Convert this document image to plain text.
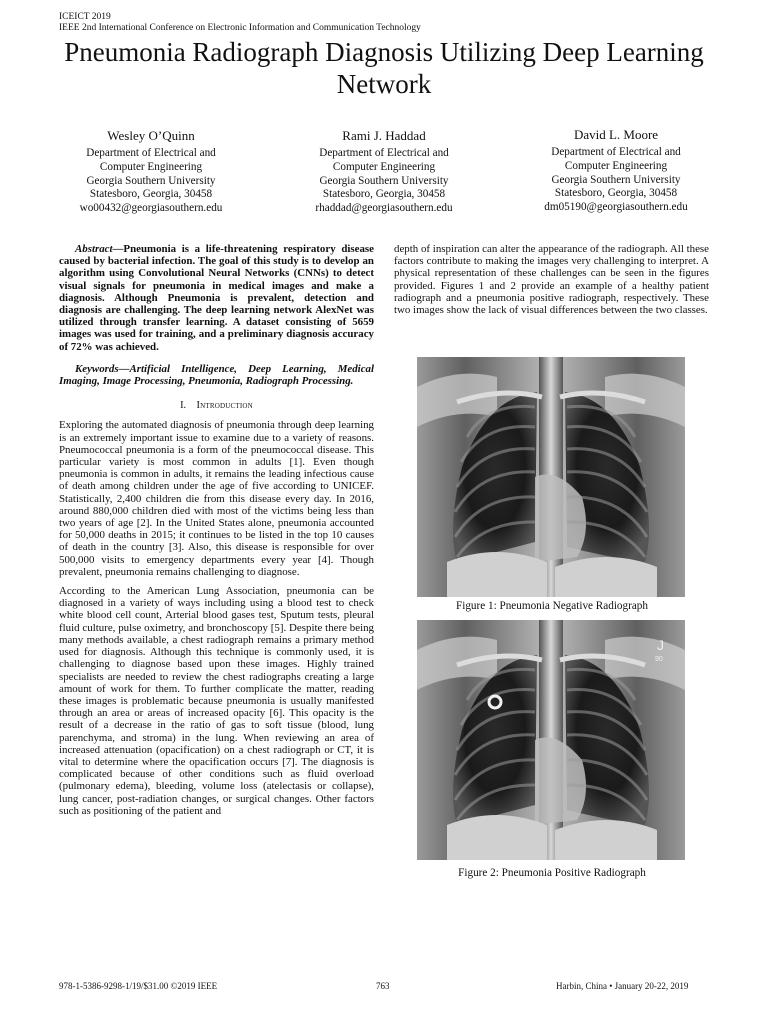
ICEICT 2019
IEEE 2nd International Conference on Electronic Information and Communication Technology
Pneumonia Radiograph Diagnosis Utilizing Deep Learning Network
Wesley O’Quinn
Department of Electrical and
Computer Engineering
Georgia Southern University
Statesboro, Georgia, 30458
wo00432@georgiasouthern.edu
Rami J. Haddad
Department of Electrical and
Computer Engineering
Georgia Southern University
Statesboro, Georgia, 30458
rhaddad@georgiasouthern.edu
David L. Moore
Department of Electrical and
Computer Engineering
Georgia Southern University
Statesboro, Georgia, 30458
dm05190@georgiasouthern.edu

Abstract—Pneumonia is a life-threatening respiratory disease caused by bacterial infection. The goal of this study is to develop an algorithm using Convolutional Neural Networks (CNNs) to detect visual signals for pneumonia in medical images and make a diagnosis. Although Pneumonia is prevalent, detection and diagnosis are challenging. The deep learning network AlexNet was utilized through transfer learning. A dataset consisting of 5659 images was used for training, and a preliminary diagnosis accuracy of 72% was achieved.

Keywords—Artificial Intelligence, Deep Learning, Medical Imaging, Image Processing, Pneumonia, Radiograph Processing.

I. Introduction

Exploring the automated diagnosis of pneumonia through deep learning is an extremely important issue to examine due to a variety of reasons. Pneumococcal pneumonia is a form of the pneumococcal disease. This particular variety is most common in adults [1]. Even though pneumonia is common in adults, it remains the leading infectious cause of death among children under the age of five according to UNICEF. Statistically, 2,400 children die from this disease every day. In 2016, around 880,000 children died with most of the victims being less than two years of age [2]. In the United States alone, pneumonia accounted for 50,000 deaths in 2015; it continues to be listed in the top 10 causes of death in the country [3]. Also, this disease is responsible for over 500,000 visits to emergency departments every year [4]. Though prevalent, pneumonia remains challenging to diagnose.

According to the American Lung Association, pneumonia can be diagnosed in a variety of ways including using a blood test to check white blood cell count, Arterial blood gases test, Sputum tests, pleural fluid culture, pulse oximetry, and bronchoscopy [5]. Despite there being many methods available, a chest radiograph remains a primary method used for diagnosis. Although this technique is commonly used, it is challenging to diagnose based upon these images. Highly trained specialists are needed to review the chest radiographs creating a large amount of work for them. To further complicate the matter, reading these images is problematic because pneumonia is usually manifested through an area or areas of increased opacity [6]. This opacity is the result of a decrease in the ratio of gas to soft tissue (blood, lung parenchyma, and stroma) in the lung. When reviewing an area of increased attenuation (opacification) on a chest radiograph or CT, it is vital to determine where the opacification occurs [7]. The diagnosis is complicated because of other conditions such as fluid overload (pulmonary edema), bleeding, volume loss (atelectasis or collapse), lung cancer, post-radiation changes, or surgical changes. Other factors such as positioning of the patient and

depth of inspiration can alter the appearance of the radiograph. All these factors contribute to making the images very challenging to interpret. A physical representation of these challenges can be seen in the figures provided. Figures 1 and 2 provide an example of a healthy patient radiograph and a pneumonia positive radiograph, respectively. These two images show the lack of visual differences between the two classes.

Figure 1: Pneumonia Negative Radiograph
J
90
Figure 2: Pneumonia Positive Radiograph
978-1-5386-9298-1/19/$31.00 ©2019 IEEE	763	Harbin, China • January 20-22, 2019
